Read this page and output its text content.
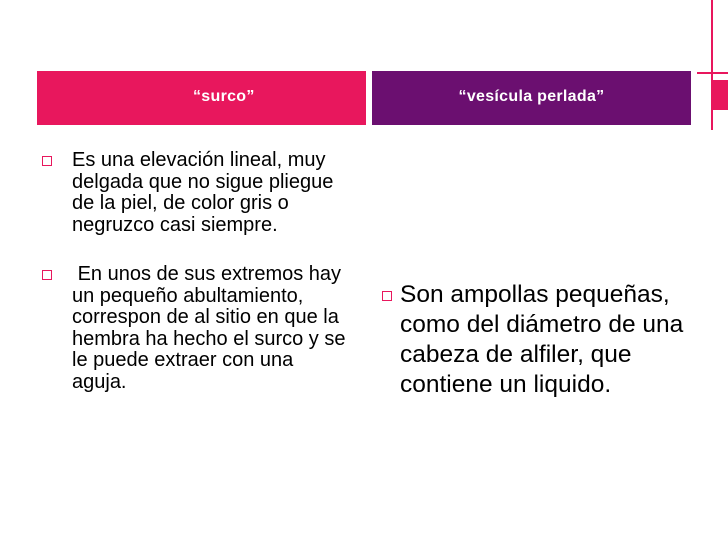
“surco”	“vesícula perlada”
Es una elevación lineal, muy delgada que no sigue pliegue de la piel, de color gris o negruzco casi siempre.
En unos de sus extremos hay un pequeño abultamiento, correspon de al sitio en que la hembra ha hecho el surco y se le puede extraer con una aguja.
Son ampollas pequeñas, como del diámetro de una cabeza de alfiler, que contiene un liquido.
